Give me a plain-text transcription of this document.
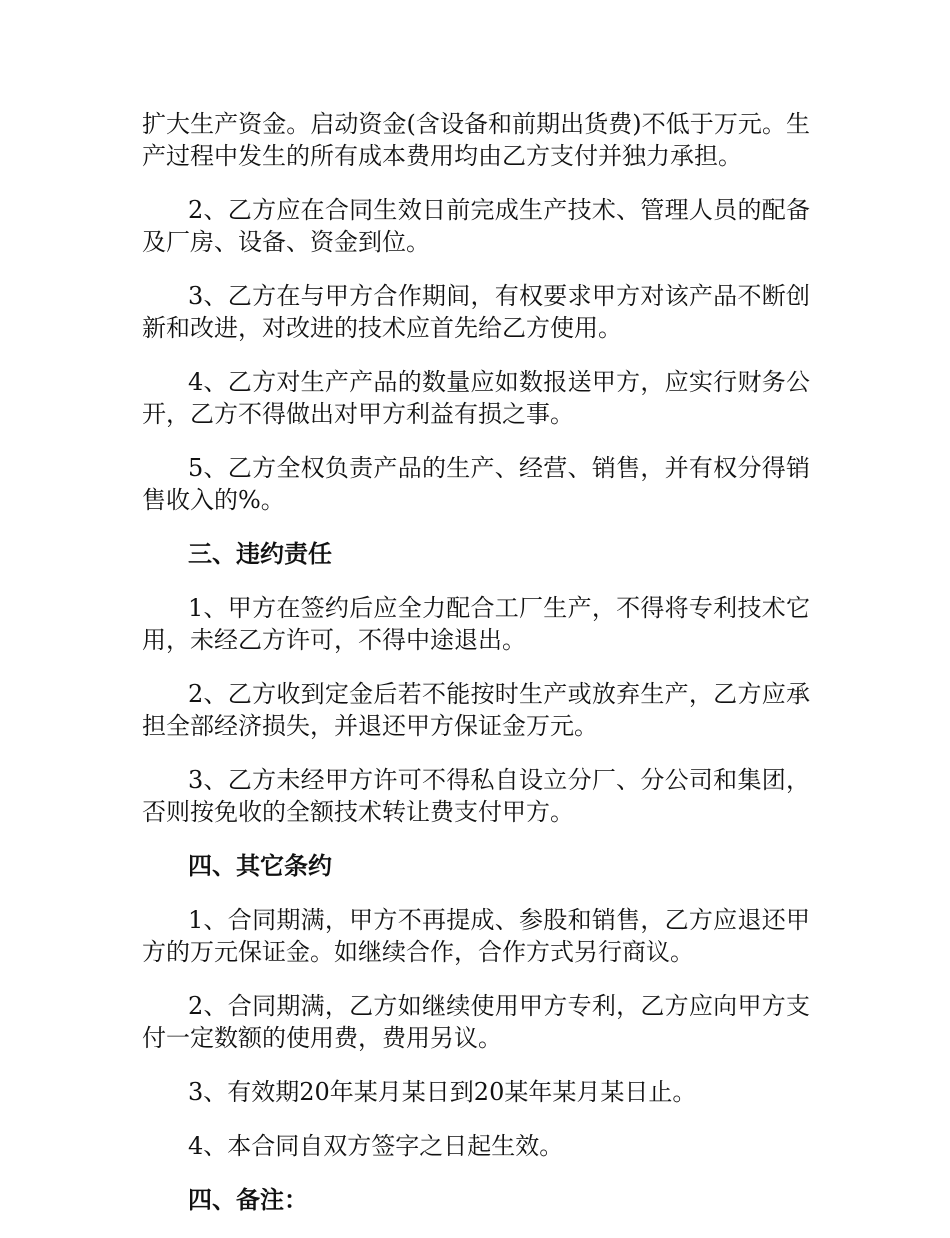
扩大生产资金。启动资金(含设备和前期出货费)不低于万元。生产过程中发生的所有成本费用均由乙方支付并独力承担。

2、乙方应在合同生效日前完成生产技术、管理人员的配备及厂房、设备、资金到位。

3、乙方在与甲方合作期间，有权要求甲方对该产品不断创新和改进，对改进的技术应首先给乙方使用。

4、乙方对生产产品的数量应如数报送甲方，应实行财务公开，乙方不得做出对甲方利益有损之事。

5、乙方全权负责产品的生产、经营、销售，并有权分得销售收入的%。

三、违约责任

1、甲方在签约后应全力配合工厂生产，不得将专利技术它用，未经乙方许可，不得中途退出。

2、乙方收到定金后若不能按时生产或放弃生产，乙方应承担全部经济损失，并退还甲方保证金万元。

3、乙方未经甲方许可不得私自设立分厂、分公司和集团，否则按免收的全额技术转让费支付甲方。

四、其它条约

1、合同期满，甲方不再提成、参股和销售，乙方应退还甲方的万元保证金。如继续合作，合作方式另行商议。

2、合同期满，乙方如继续使用甲方专利，乙方应向甲方支付一定数额的使用费，费用另议。

3、有效期20年某月某日到20某年某月某日止。

4、本合同自双方签字之日起生效。

四、备注：
